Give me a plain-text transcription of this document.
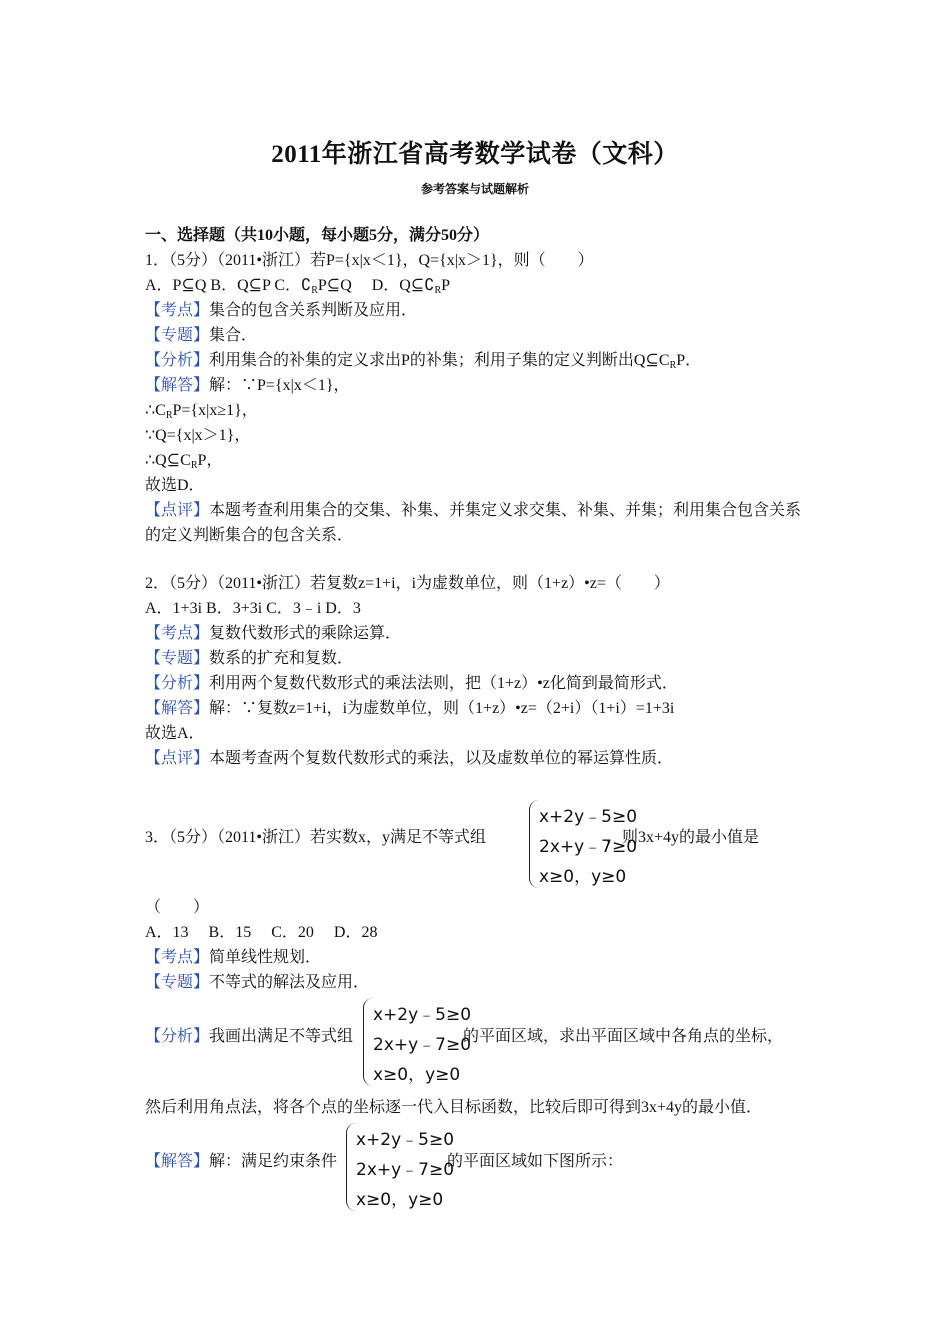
2011年浙江省高考数学试卷（文科）
参考答案与试题解析
一、选择题（共10小题，每小题5分，满分50分）
1．（5分）（2011•浙江）若P={x|x＜1}，Q={x|x＞1}，则（　　）
A．P⊆Q B．Q⊆P C．$∁_RP⊆Q$　 D．$Q⊆∁_RP$
【考点】集合的包含关系判断及应用．
【专题】集合．
【分析】利用集合的补集的定义求出P的补集；利用子集的定义判断出$Q⊆C_RP$．
【解答】解：∵P={x|x＜1}，
$\therefore C_RP=\{x|x\ge 1\}$，
∵Q={x|x＞1}，
$\therefore Q⊆C_RP$，
故选D．
【点评】本题考查利用集合的交集、补集、并集定义求交集、补集、并集；利用集合包含关系的定义判断集合的包含关系．
2．（5分）（2011•浙江）若复数z=1+i，i为虚数单位，则（1+z）•z=（　　）
A．1+3i B．3+3i C．3﹣i D．3
【考点】复数代数形式的乘除运算．
【专题】数系的扩充和复数．
【分析】利用两个复数代数形式的乘法法则，把（1+z）•z化简到最简形式．
【解答】解：∵复数z=1+i，i为虚数单位，则（1+z）•z=（2+i）（1+i）=1+3i
故选A．
【点评】本题考查两个复数代数形式的乘法，以及虚数单位的幂运算性质．
3．（5分）（2011•浙江）若实数x，y满足不等式组	，则3x+4y的最小值是
x+2y﹣5≥0
2x+y﹣7≥0
x≥0，y≥0
（　　）
A．13　 B．15　 C．20　 D．28
【考点】简单线性规划．
【专题】不等式的解法及应用．
【分析】我画出满足不等式组	的平面区域，求出平面区域中各角点的坐标，
x+2y﹣5≥0
2x+y﹣7≥0
x≥0，y≥0
然后利用角点法，将各个点的坐标逐一代入目标函数，比较后即可得到3x+4y的最小值．
【解答】解：满足约束条件	的平面区域如下图所示：
x+2y﹣5≥0
2x+y﹣7≥0
x≥0，y≥0
